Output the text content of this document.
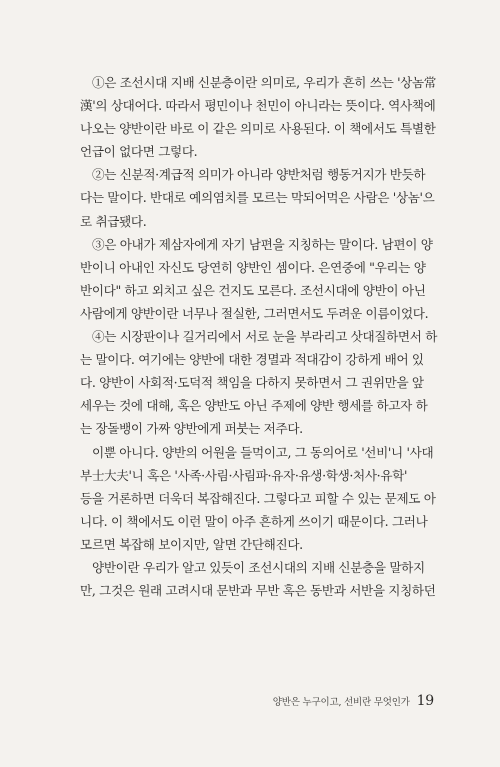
①은 조선시대 지배 신분층이란 의미로, 우리가 흔히 쓰는 '상놈常
漢'의 상대어다. 따라서 평민이나 천민이 아니라는 뜻이다. 역사책에
나오는 양반이란 바로 이 같은 의미로 사용된다. 이 책에서도 특별한
언급이 없다면 그렇다.

②는 신분적·계급적 의미가 아니라 양반처럼 행동거지가 반듯하
다는 말이다. 반대로 예의염치를 모르는 막되어먹은 사람은 '상놈'으
로 취급됐다.

③은 아내가 제삼자에게 자기 남편을 지칭하는 말이다. 남편이 양
반이니 아내인 자신도 당연히 양반인 셈이다. 은연중에 "우리는 양
반이다" 하고 외치고 싶은 건지도 모른다. 조선시대에 양반이 아닌
사람에게 양반이란 너무나 절실한, 그러면서도 두려운 이름이었다.

④는 시장판이나 길거리에서 서로 눈을 부라리고 삿대질하면서 하
는 말이다. 여기에는 양반에 대한 경멸과 적대감이 강하게 배어 있
다. 양반이 사회적·도덕적 책임을 다하지 못하면서 그 권위만을 앞
세우는 것에 대해, 혹은 양반도 아닌 주제에 양반 행세를 하고자 하
는 장돌뱅이 가짜 양반에게 퍼붓는 저주다.

이뿐 아니다. 양반의 어원을 들먹이고, 그 동의어로 '선비'니 '사대
부士大夫'니 혹은 '사족·사림·사림파·유자·유생·학생·처사·유학'
등을 거론하면 더욱더 복잡해진다. 그렇다고 피할 수 있는 문제도 아
니다. 이 책에서도 이런 말이 아주 흔하게 쓰이기 때문이다. 그러나
모르면 복잡해 보이지만, 알면 간단해진다.

양반이란 우리가 알고 있듯이 조선시대의 지배 신분층을 말하지
만, 그것은 원래 고려시대 문반과 무반 혹은 동반과 서반을 지칭하던

양반은 누구이고, 선비란 무엇인가 19
